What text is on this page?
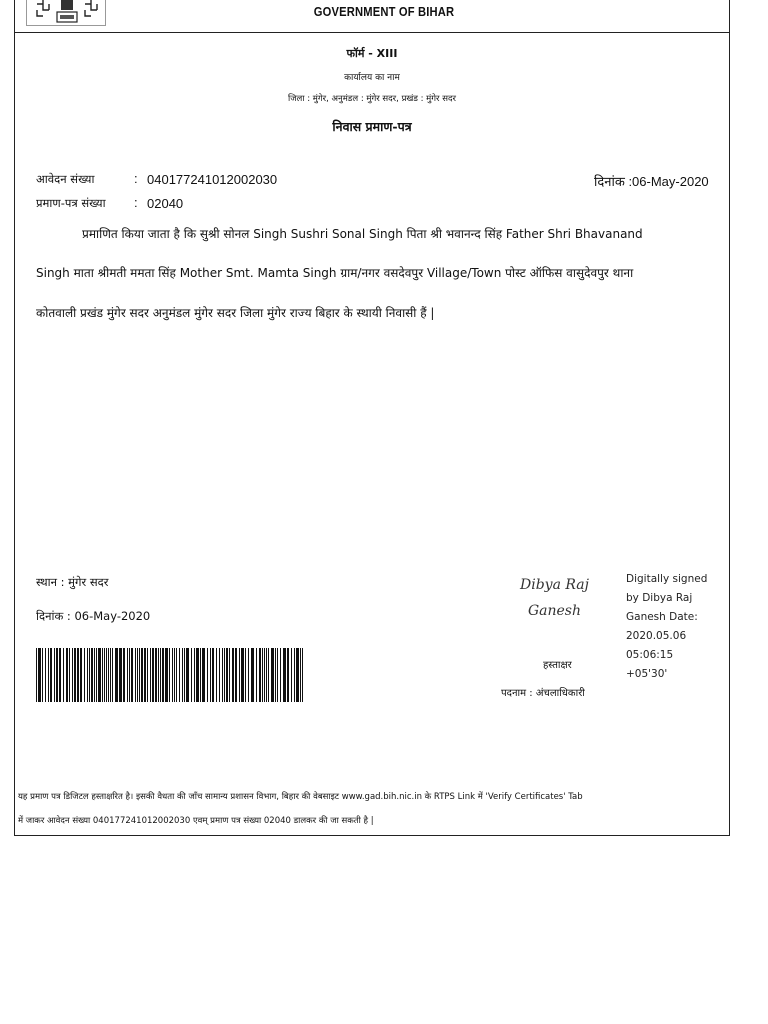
GOVERNMENT OF BIHAR
फॉर्म - XIII
कार्यालय का नाम
जिला : मुंगेर, अनुमंडल : मुंगेर सदर, प्रखंड : मुंगेर सदर
निवास प्रमाण-पत्र
आवेदन संख्या	: 040177241012002030	दिनांक :06-May-2020
प्रमाण-पत्र संख्या : 02040
प्रमाणित किया जाता है कि सुश्री सोनल Singh Sushri Sonal Singh पिता श्री भवानन्द सिंह Father Shri Bhavanand
Singh माता श्रीमती ममता सिंह Mother Smt. Mamta Singh ग्राम/नगर वसदेवपुर Village/Town पोस्ट ऑफिस वासुदेवपुर थाना
कोतवाली प्रखंड मुंगेर सदर अनुमंडल मुंगेर सदर जिला मुंगेर राज्य बिहार के स्थायी निवासी हैं |
स्थान : मुंगेर सदर
दिनांक : 06-May-2020
Dibya Raj
Ganesh
Digitally signed
by Dibya Raj
Ganesh Date:
2020.05.06
05:06:15
+05'30'
हस्ताक्षर
पदनाम : अंचलाधिकारी
यह प्रमाण पत्र डिजिटल हस्ताक्षरित है। इसकी वैधता की जाँच सामान्य प्रशासन विभाग, बिहार की वेबसाइट www.gad.bih.nic.in के RTPS Link में 'Verify Certificates' Tab
में जाकर आवेदन संख्या 040177241012002030 एवम् प्रमाण पत्र संख्या 02040 डालकर की जा सकती है |
